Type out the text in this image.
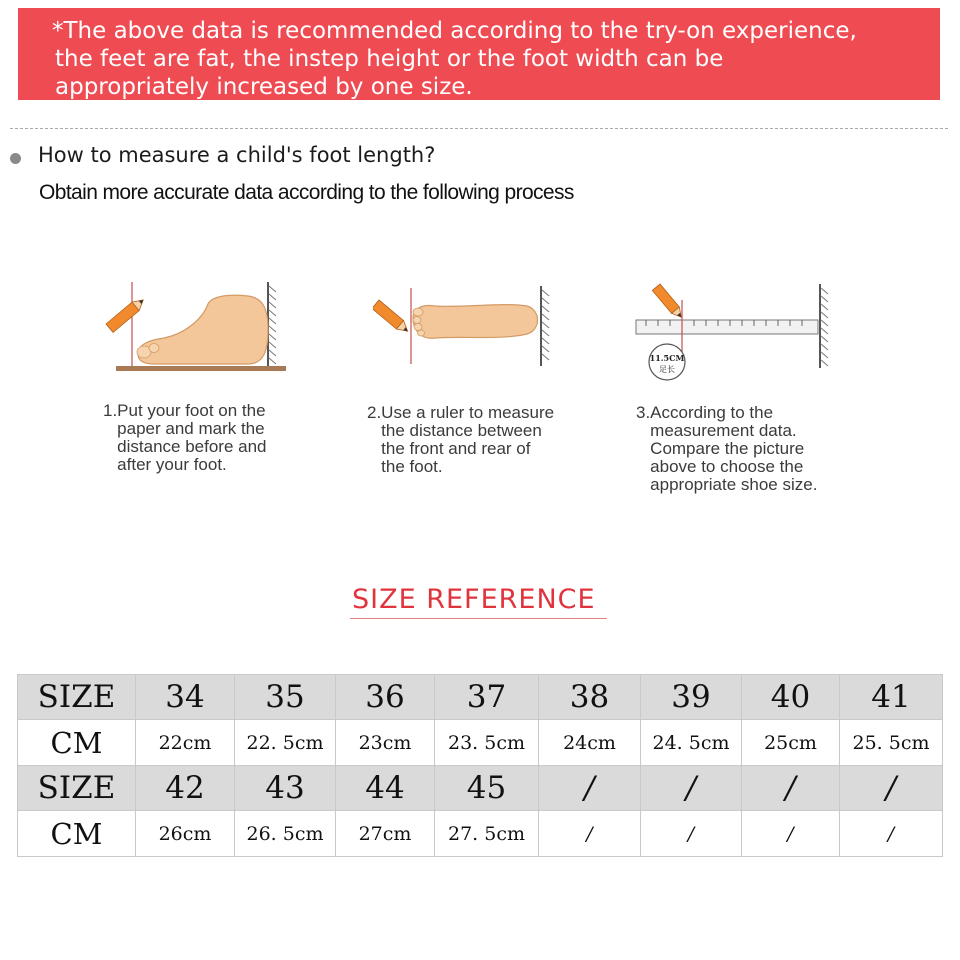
*The above data is recommended according to the try-on experience,
the feet are fat, the instep height or the foot width can be
appropriately increased by one size.
How to measure a child's foot length?
Obtain more accurate data according to the following process
11.5CM
足长
1.Put your foot on the
paper and mark the
distance before and
after your foot.
2.Use a ruler to measure
the distance between
the front and rear of
the foot.
3.According to the
measurement data.
Compare the picture
above to choose the
appropriate shoe size.
SIZE REFERENCE
SIZE	34	35	36	37	38	39	40	41
CM	22cm	22. 5cm	23cm	23. 5cm	24cm	24. 5cm	25cm	25. 5cm
SIZE	42	43	44	45	/	/	/	/
CM	26cm	26. 5cm	27cm	27. 5cm	/	/	/	/
